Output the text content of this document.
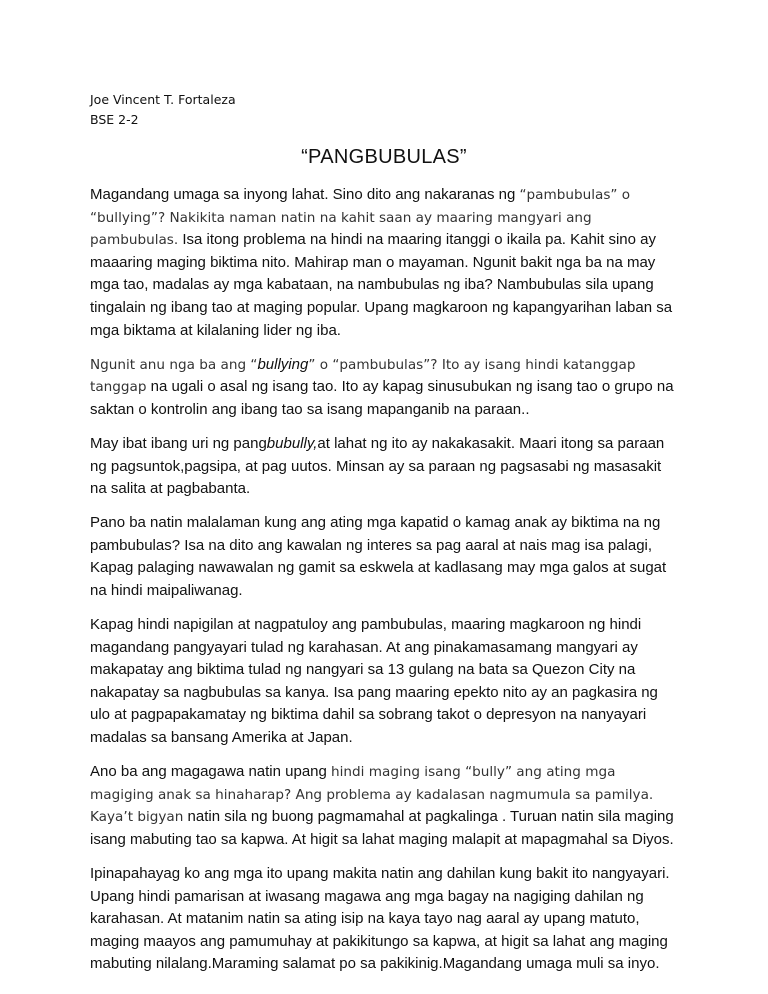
Joe Vincent T. Fortaleza
BSE 2-2
“PANGBUBULAS”

Magandang umaga sa inyong lahat. Sino dito ang nakaranas ng “pambubulas” o “bullying”? Nakikita naman natin na kahit saan ay maaring mangyari ang pambubulas. Isa itong problema na hindi na maaring itanggi o ikaila pa. Kahit sino ay maaaring maging biktima nito. Mahirap man o mayaman. Ngunit bakit nga ba na may mga tao, madalas ay mga kabataan, na nambubulas ng iba? Nambubulas sila upang tingalain ng ibang tao at maging popular. Upang magkaroon ng kapangyarihan laban sa mga biktama at kilalaning lider ng iba.

Ngunit anu nga ba ang “bullying” o “pambubulas”? Ito ay isang hindi katanggap tanggap na ugali o asal ng isang tao. Ito ay kapag sinusubukan ng isang tao o grupo na saktan o kontrolin ang ibang tao sa isang mapanganib na paraan..

May ibat ibang uri ng pangbubully,at lahat ng ito ay nakakasakit. Maari itong sa paraan ng pagsuntok,pagsipa, at pag uutos. Minsan ay sa paraan ng pagsasabi ng masasakit na salita at pagbabanta.

Pano ba natin malalaman kung ang ating mga kapatid o kamag anak ay biktima na ng pambubulas? Isa na dito ang kawalan ng interes sa pag aaral at nais mag isa palagi, Kapag palaging nawawalan ng gamit sa eskwela at kadlasang may mga galos at sugat na hindi maipaliwanag.

Kapag hindi napigilan at nagpatuloy ang pambubulas, maaring magkaroon ng hindi magandang pangyayari tulad ng karahasan. At ang pinakamasamang mangyari ay makapatay ang biktima tulad ng nangyari sa 13 gulang na bata sa Quezon City na nakapatay sa nagbubulas sa kanya. Isa pang maaring epekto nito ay an pagkasira ng ulo at pagpapakamatay ng biktima dahil sa sobrang takot o depresyon na nanyayari madalas sa bansang Amerika at Japan.

Ano ba ang magagawa natin upang hindi maging isang “bully” ang ating mga magiging anak sa hinaharap? Ang problema ay kadalasan nagmumula sa pamilya. Kaya’t bigyan natin sila ng buong pagmamahal at pagkalinga . Turuan natin sila maging isang mabuting tao sa kapwa. At higit sa lahat maging malapit at mapagmahal sa Diyos.

Ipinapahayag ko ang mga ito upang makita natin ang dahilan kung bakit ito nangyayari. Upang hindi pamarisan at iwasang magawa ang mga bagay na nagiging dahilan ng karahasan. At matanim natin sa ating isip na kaya tayo nag aaral ay upang matuto, maging maayos ang pamumuhay at pakikitungo sa kapwa, at higit sa lahat ang maging mabuting nilalang.Maraming salamat po sa pakikinig.Magandang umaga muli sa inyo.
